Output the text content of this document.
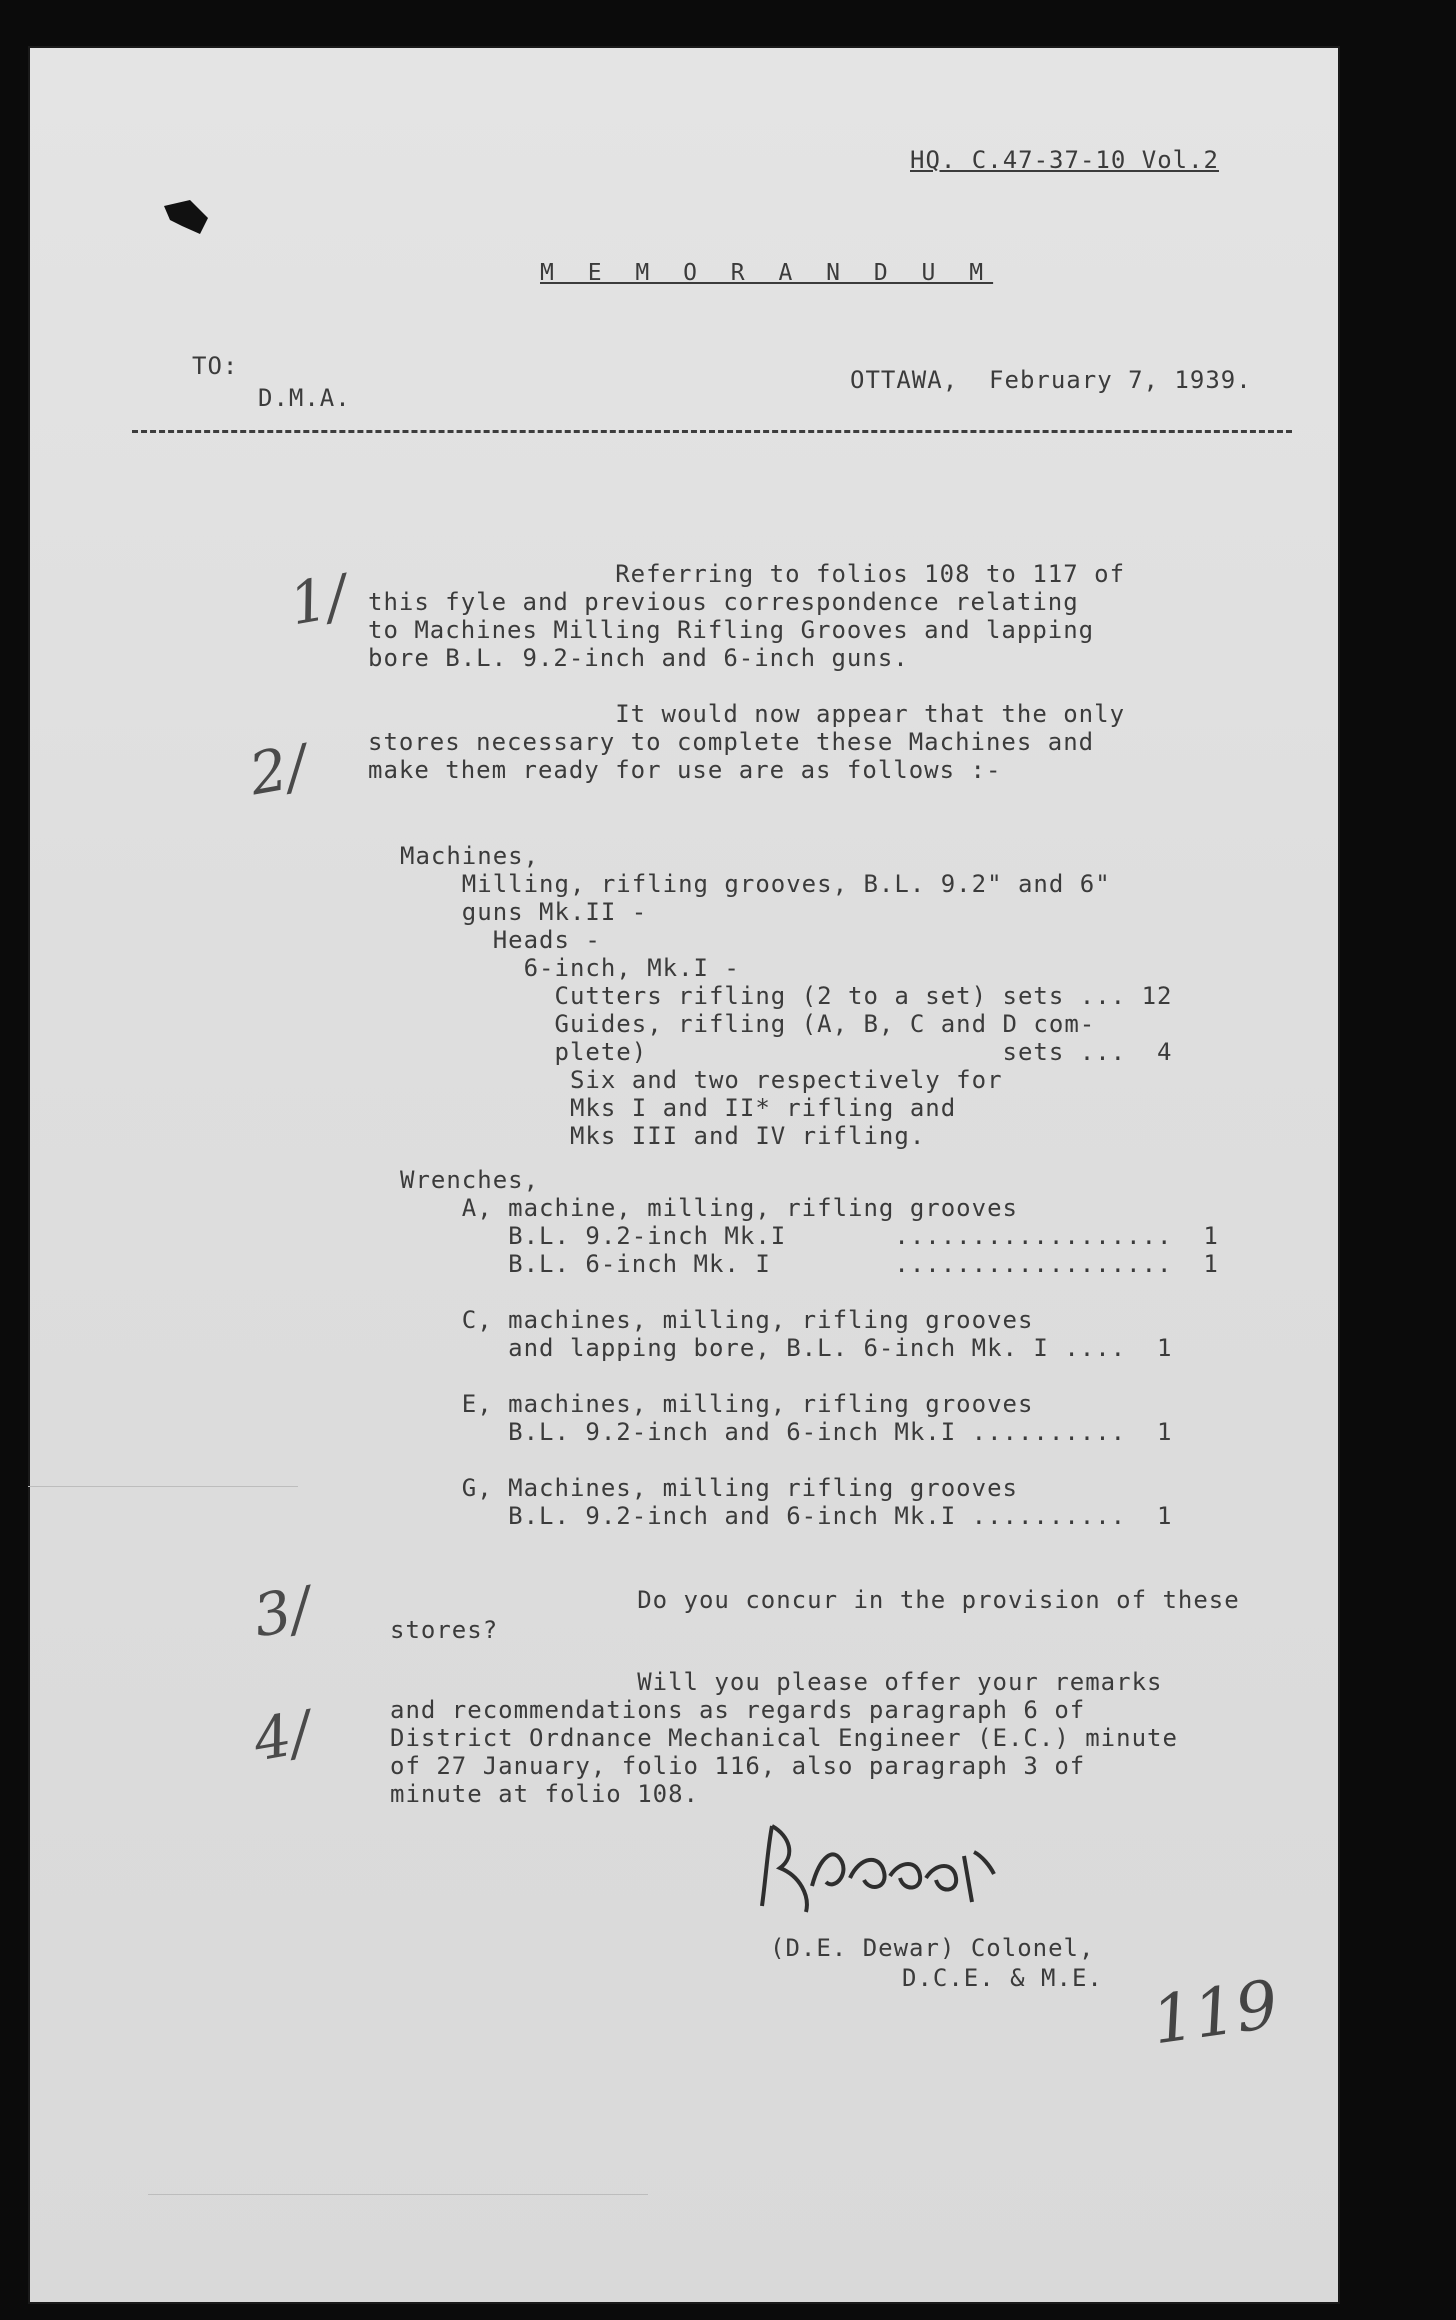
HQ. C.47-37-10 Vol.2
M E M O R A N D U M
TO:
D.M.A.
OTTAWA,  February 7, 1939.
1/
2/
3/
4/
Referring to folios 108 to 117 of
this fyle and previous correspondence relating
to Machines Milling Rifling Grooves and lapping
bore B.L. 9.2-inch and 6-inch guns.
It would now appear that the only
stores necessary to complete these Machines and
make them ready for use are as follows :-
Machines,
Milling, rifling grooves, B.L. 9.2" and 6"
guns Mk.II -
Heads -
6-inch, Mk.I -
Cutters rifling (2 to a set) sets ... 12
Guides, rifling (A, B, C and D com-
plete)                       sets ...  4
Six and two respectively for
Mks I and II* rifling and
Mks III and IV rifling.
Wrenches,
A, machine, milling, rifling grooves
B.L. 9.2-inch Mk.I       ..................  1
B.L. 6-inch Mk. I        ..................  1
C, machines, milling, rifling grooves
and lapping bore, B.L. 6-inch Mk. I ....  1
E, machines, milling, rifling grooves
B.L. 9.2-inch and 6-inch Mk.I ..........  1
G, Machines, milling rifling grooves
B.L. 9.2-inch and 6-inch Mk.I ..........  1
Do you concur in the provision of these
stores?
Will you please offer your remarks
and recommendations as regards paragraph 6 of
District Ordnance Mechanical Engineer (E.C.) minute
of 27 January, folio 116, also paragraph 3 of
minute at folio 108.
(D.E. Dewar) Colonel,
D.C.E. & M.E. 119
